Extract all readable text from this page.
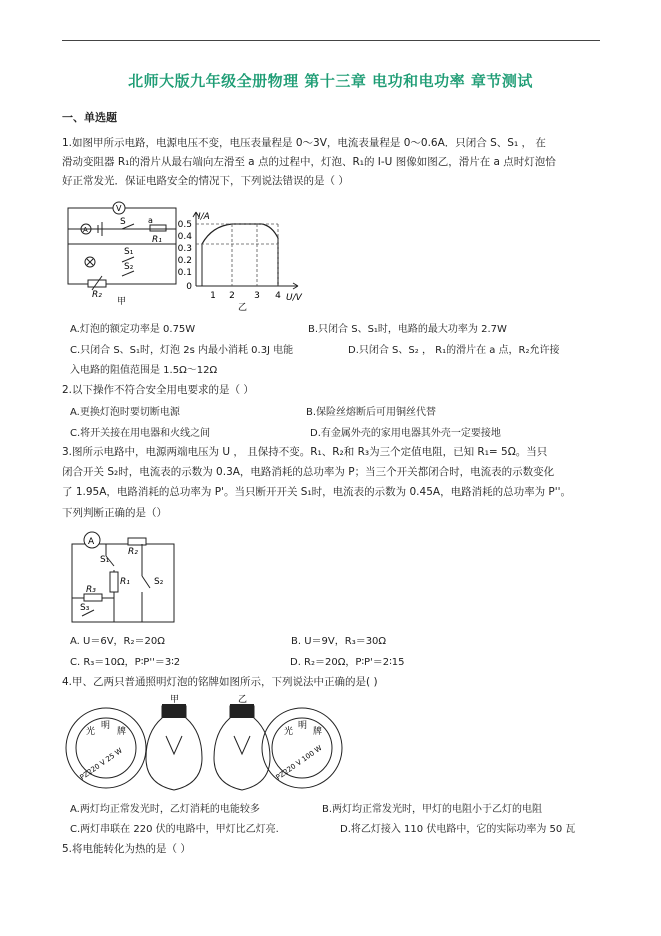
北师大版九年级全册物理 第十三章 电功和电功率 章节测试
一、单选题
1.如图甲所示电路，电源电压不变，电压表量程是 0～3V，电流表量程是 0～0.6A．只闭合 S、S₁ ， 在
滑动变阻器 R₁的滑片从最右端向左滑至 a 点的过程中，灯泡、R₁的 I-U 图像如图乙，滑片在 a 点时灯泡恰
好正常发光．保证电路安全的情况下，下列说法错误的是（ ）
V
A
S	a
R₁
S₁
S₂
R₂
甲
I/A
U/V
0.5
0.4
0.3
0.2
0.1
0
1 2 3 4
乙
A.灯泡的额定功率是 0.75W	B.只闭合 S、S₁时，电路的最大功率为 2.7W
C.只闭合 S、S₁时，灯泡 2s 内最小消耗 0.3J 电能	D.只闭合 S、S₂ ， R₁的滑片在 a 点，R₂允许接
入电路的阻值范围是 1.5Ω～12Ω
2.以下操作不符合安全用电要求的是（ ）
A.更换灯泡时要切断电源	B.保险丝熔断后可用铜丝代替
C.将开关接在用电器和火线之间	D.有金属外壳的家用电器其外壳一定要接地
3.图所示电路中，电源两端电压为 U ， 且保持不变。R₁、R₂和 R₃为三个定值电阻，已知 R₁= 5Ω。当只
闭合开关 S₂时，电流表的示数为 0.3A，电路消耗的总功率为 P；当三个开关都闭合时，电流表的示数变化
了 1.95A，电路消耗的总功率为 P'。当只断开开关 S₁时，电流表的示数为 0.45A，电路消耗的总功率为 P''。
下列判断正确的是（）
A
S₁
R₂
R₁	S₂
R₃
S₃
A. U＝6V，R₂＝20Ω	B. U＝9V，R₃＝30Ω
C. R₃＝10Ω，P∶P''＝3∶2	D. R₂＝20Ω，P∶P'＝2∶15
4.甲、乙两只普通照明灯泡的铭牌如图所示，下列说法中正确的是( )
甲	乙
光
明
牌	光
明
牌
PZ220 V 25 W	PZ220 V 100 W
A.两灯均正常发光时，乙灯消耗的电能较多	B.两灯均正常发光时，甲灯的电阻小于乙灯的电阻
C.两灯串联在 220 伏的电路中，甲灯比乙灯亮.	D.将乙灯接入 110 伏电路中，它的实际功率为 50 瓦
5.将电能转化为热的是（ ）
